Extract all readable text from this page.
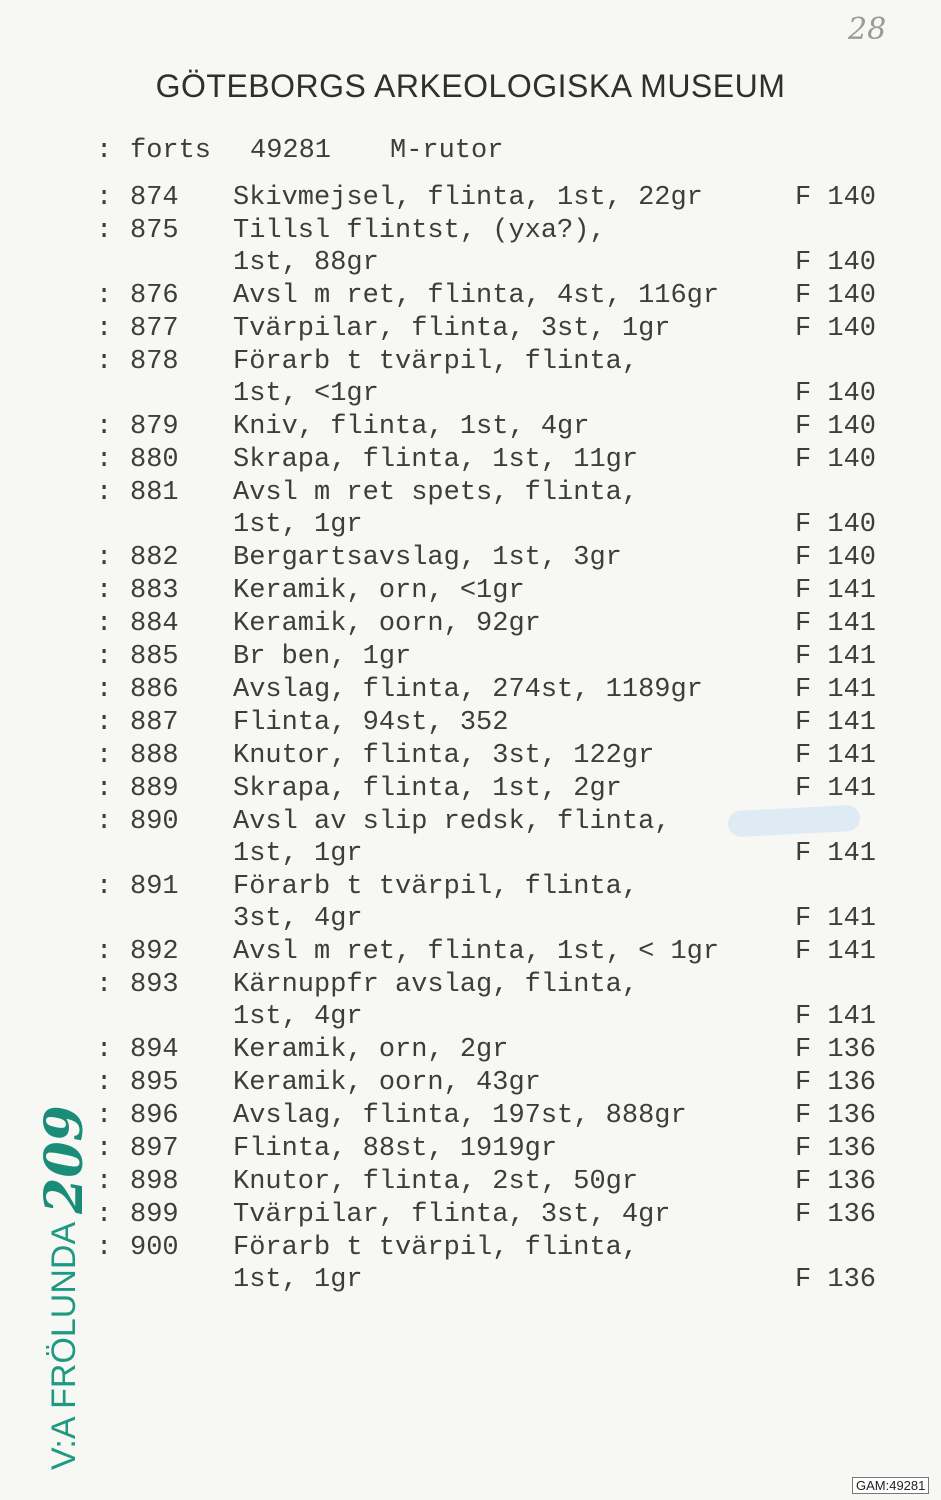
28
GÖTEBORGS ARKEOLOGISKA MUSEUM
: forts 49281 M-rutor
: 874 Skivmejsel, flinta, 1st, 22gr	F 140
: 875 Tillsl flintst, (yxa?),
1st, 88gr	F 140
: 876 Avsl m ret, flinta, 4st, 116gr	F 140
: 877 Tvärpilar, flinta, 3st, 1gr	F 140
: 878 Förarb t tvärpil, flinta,
1st, <1gr	F 140
: 879 Kniv, flinta, 1st, 4gr	F 140
: 880 Skrapa, flinta, 1st, 11gr	F 140
: 881 Avsl m ret spets, flinta,
1st, 1gr	F 140
: 882 Bergartsavslag, 1st, 3gr	F 140
: 883 Keramik, orn, <1gr	F 141
: 884 Keramik, oorn, 92gr	F 141
: 885 Br ben, 1gr	F 141
: 886 Avslag, flinta, 274st, 1189gr	F 141
: 887 Flinta, 94st, 352	F 141
: 888 Knutor, flinta, 3st, 122gr	F 141
: 889 Skrapa, flinta, 1st, 2gr	F 141
: 890 Avsl av slip redsk, flinta,
1st, 1gr	F 141
: 891 Förarb t tvärpil, flinta,
3st, 4gr	F 141
: 892 Avsl m ret, flinta, 1st, < 1gr	F 141
: 893 Kärnuppfr avslag, flinta,
1st, 4gr	F 141
: 894 Keramik, orn, 2gr	F 136
: 895 Keramik, oorn, 43gr	F 136
: 896 Avslag, flinta, 197st, 888gr	F 136
: 897 Flinta, 88st, 1919gr	F 136
: 898 Knutor, flinta, 2st, 50gr	F 136
: 899 Tvärpilar, flinta, 3st, 4gr	F 136
: 900 Förarb t tvärpil, flinta,
1st, 1gr	F 136
V:A FRÖLUNDA
209
GAM:49281
